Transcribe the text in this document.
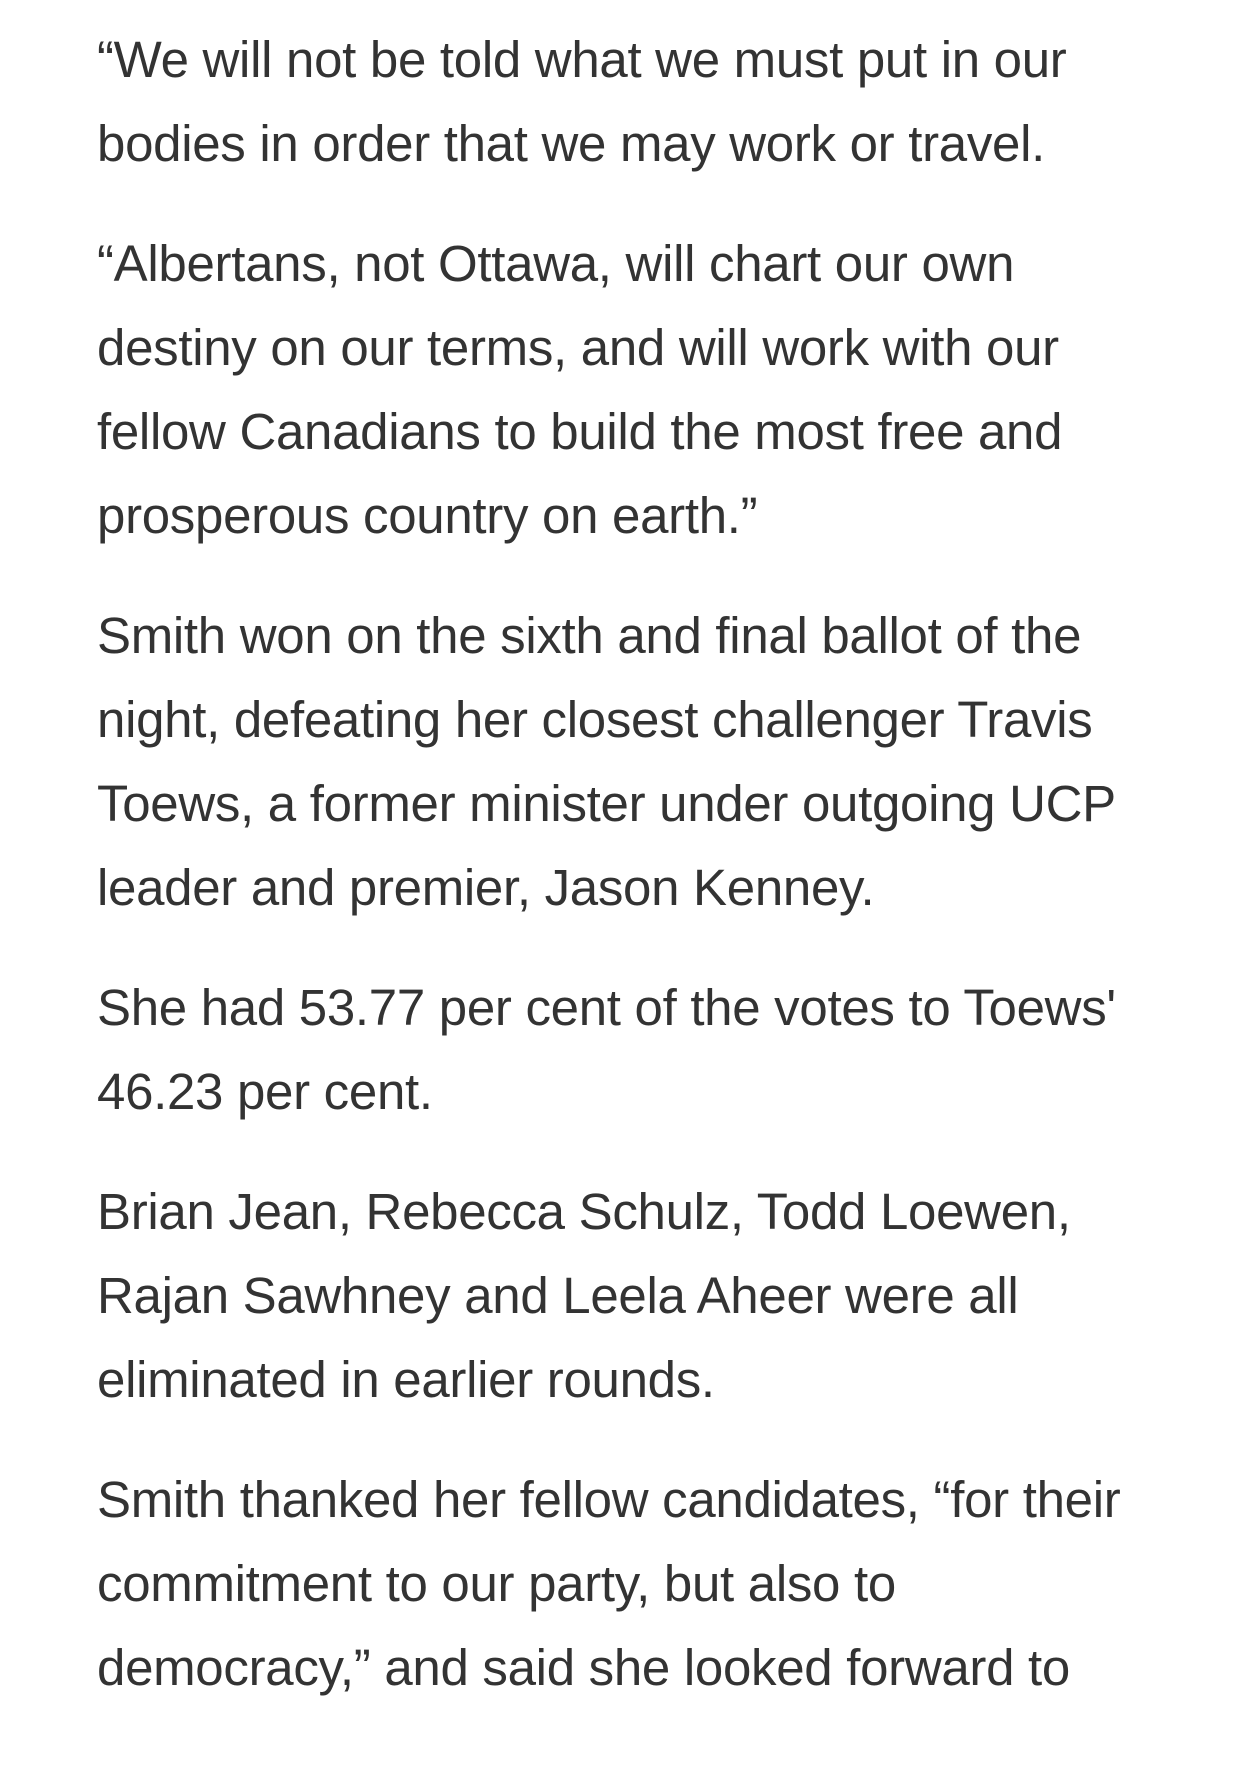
“We will not be told what we must put in our bodies in order that we may work or travel.

“Albertans, not Ottawa, will chart our own destiny on our terms, and will work with our fellow Canadians to build the most free and prosperous country on earth.”

Smith won on the sixth and final ballot of the night, defeating her closest challenger Travis Toews, a former minister under outgoing UCP leader and premier, Jason Kenney.

She had 53.77 per cent of the votes to Toews' 46.23 per cent.

Brian Jean, Rebecca Schulz, Todd Loewen, Rajan Sawhney and Leela Aheer were all eliminated in earlier rounds.

Smith thanked her fellow candidates, “for their commitment to our party, but also to democracy,” and said she looked forward to
